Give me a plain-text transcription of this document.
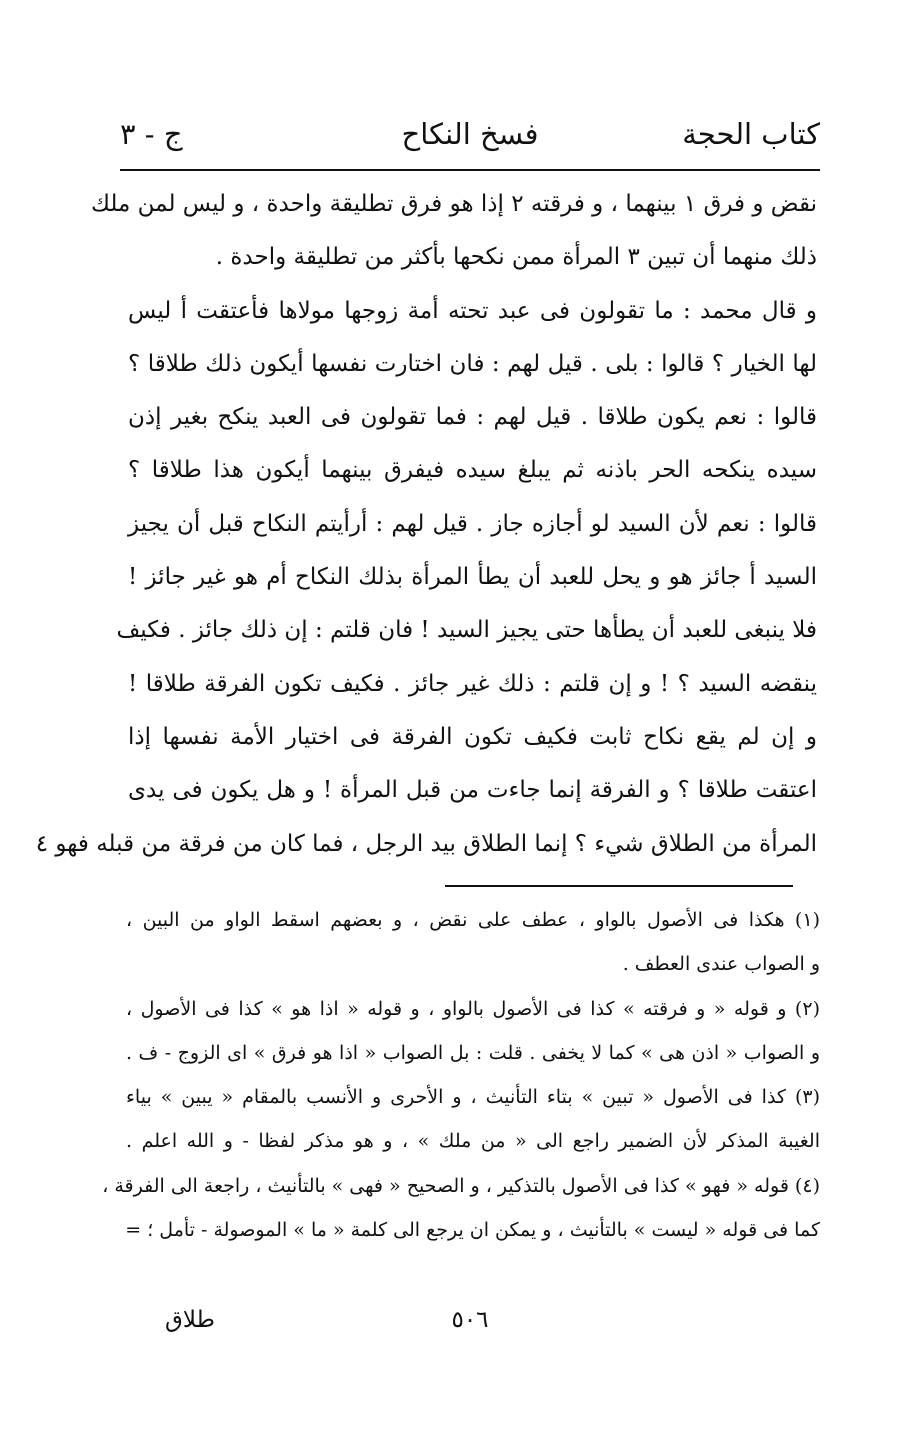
كتاب الحجة
فسخ النكاح
ج - ٣
نقض و فرق ١ بينهما ، و فرقته ٢ إذا هو فرق تطليقة واحدة ، و ليس لمن ملك
ذلك منهما أن تبين ٣ المرأة ممن نكحها بأكثر من تطليقة واحدة .
و قال محمد : ما تقولون فى عبد تحته أمة زوجها مولاها فأعتقت أ ليس
لها الخيار ؟ قالوا : بلى . قيل لهم : فان اختارت نفسها أيكون ذلك طلاقا ؟
قالوا : نعم يكون طلاقا . قيل لهم : فما تقولون فى العبد ينكح بغير إذن
سيده ينكحه الحر باذنه ثم يبلغ سيده فيفرق بينهما أيكون هذا طلاقا ؟
قالوا : نعم لأن السيد لو أجازه جاز . قيل لهم : أرأيتم النكاح قبل أن يجيز
السيد أ جائز هو و يحل للعبد أن يطأ المرأة بذلك النكاح أم هو غير جائز !
فلا ينبغى للعبد أن يطأها حتى يجيز السيد ! فان قلتم : إن ذلك جائز . فكيف
ينقضه السيد ؟ ! و إن قلتم : ذلك غير جائز . فكيف تكون الفرقة طلاقا !
و إن لم يقع نكاح ثابت فكيف تكون الفرقة فى اختيار الأمة نفسها إذا
اعتقت طلاقا ؟ و الفرقة إنما جاءت من قبل المرأة ! و هل يكون فى يدى
المرأة من الطلاق شيء ؟ إنما الطلاق بيد الرجل ، فما كان من فرقة من قبله فهو ٤
(١) هكذا فى الأصول بالواو ، عطف على نقض ، و بعضهم اسقط الواو من البين ،
و الصواب عندى العطف .
(٢) و قوله « و فرقته » كذا فى الأصول بالواو ، و قوله « اذا هو » كذا فى الأصول ،
و الصواب « اذن هى » كما لا يخفى . قلت : بل الصواب « اذا هو فرق » اى الزوج - ف .
(٣) كذا فى الأصول « تبين » بتاء التأنيث ، و الأحرى و الأنسب بالمقام « يبين » بياء
الغيبة المذكر لأن الضمير راجع الى « من ملك » ، و هو مذكر لفظا - و الله اعلم .
(٤) قوله « فهو » كذا فى الأصول بالتذكير ، و الصحيح « فهى » بالتأنيث ، راجعة الى الفرقة ،
كما فى قوله « ليست » بالتأنيث ، و يمكن ان يرجع الى كلمة « ما » الموصولة - تأمل ؛ =
٥٠٦
طلاق
